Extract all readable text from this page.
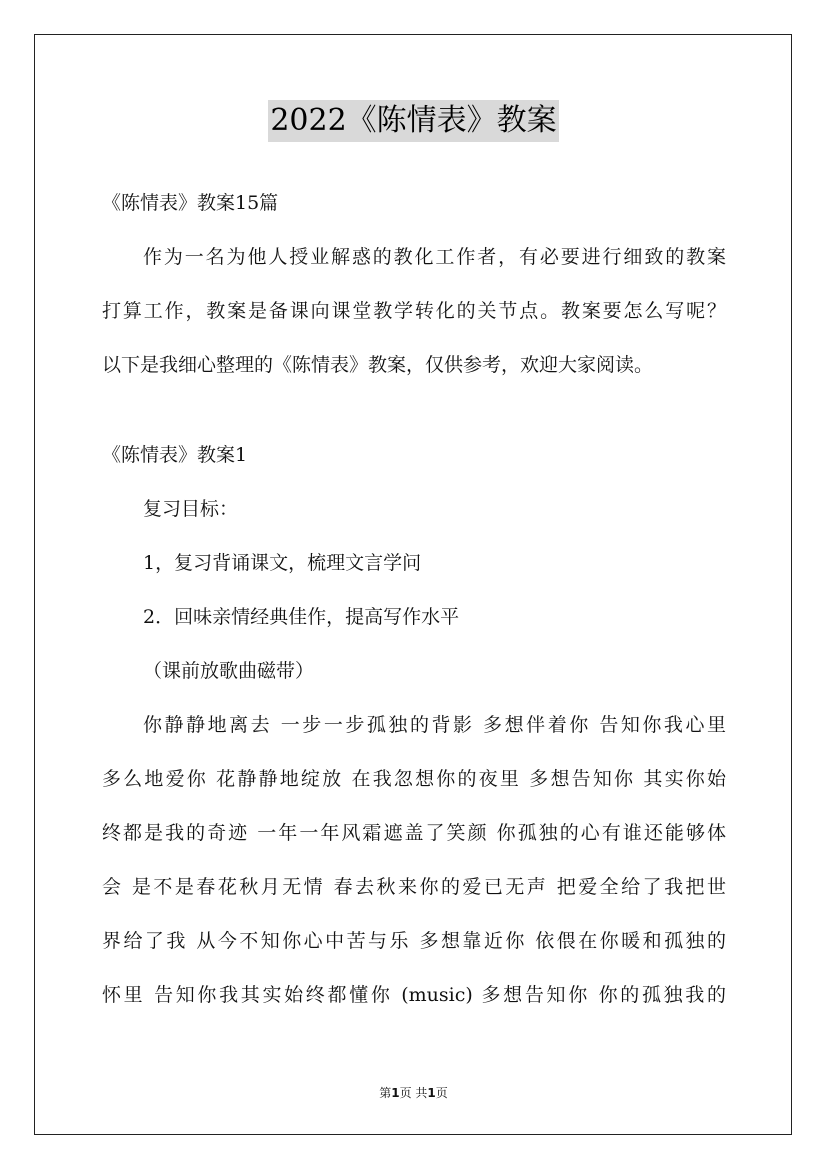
2022《陈情表》教案
《陈情表》教案15篇
作为一名为他人授业解惑的教化工作者，有必要进行细致的教案
打算工作，教案是备课向课堂教学转化的关节点。教案要怎么写呢？
以下是我细心整理的《陈情表》教案，仅供参考，欢迎大家阅读。
《陈情表》教案1
复习目标：
1，复习背诵课文，梳理文言学问
2．回味亲情经典佳作，提高写作水平
（课前放歌曲磁带）
你静静地离去 一步一步孤独的背影 多想伴着你 告知你我心里
多么地爱你 花静静地绽放 在我忽想你的夜里 多想告知你 其实你始
终都是我的奇迹 一年一年风霜遮盖了笑颜 你孤独的心有谁还能够体
会 是不是春花秋月无情 春去秋来你的爱已无声 把爱全给了我把世
界给了我 从今不知你心中苦与乐 多想靠近你 依偎在你暖和孤独的
怀里 告知你我其实始终都懂你 (music) 多想告知你 你的孤独我的
第1页 共1页
